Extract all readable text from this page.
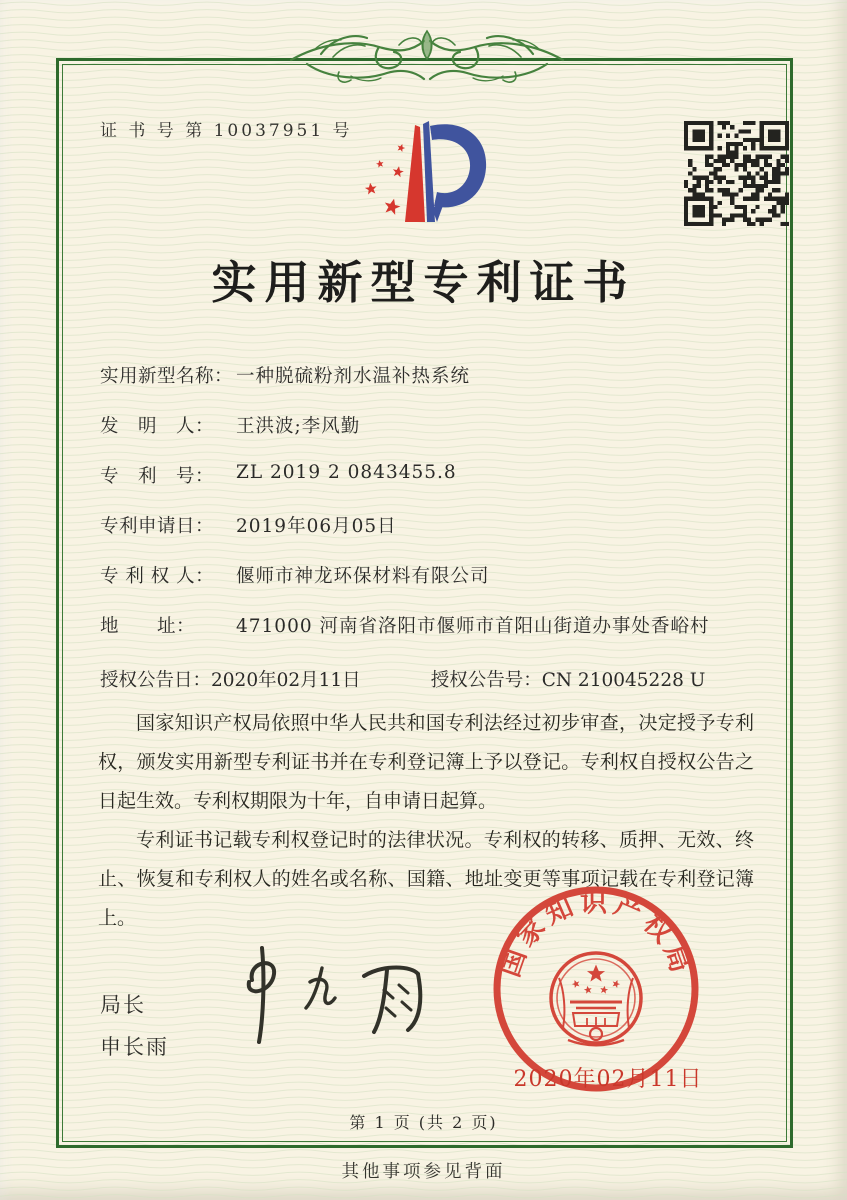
证 书 号 第 10037951 号
实用新型专利证书
实用新型名称： 一种脱硫粉剂水温补热系统
发　明　人：	王洪波;李风勤
专　利　号：	ZL 2019 2 0843455.8
专利申请日：	2019年06月05日
专 利 权 人：	偃师市神龙环保材料有限公司
地　　址：	471000 河南省洛阳市偃师市首阳山街道办事处香峪村
授权公告日：2020年02月11日	授权公告号：CN 210045228 U

国家知识产权局依照中华人民共和国专利法经过初步审查，决定授予专利权，颁发实用新型专利证书并在专利登记簿上予以登记。专利权自授权公告之日起生效。专利权期限为十年，自申请日起算。

专利证书记载专利权登记时的法律状况。专利权的转移、质押、无效、终止、恢复和专利权人的姓名或名称、国籍、地址变更等事项记载在专利登记簿上。

局长
申长雨
国家知识产权局
2020年02月11日
第 1 页 (共 2 页)
其他事项参见背面
